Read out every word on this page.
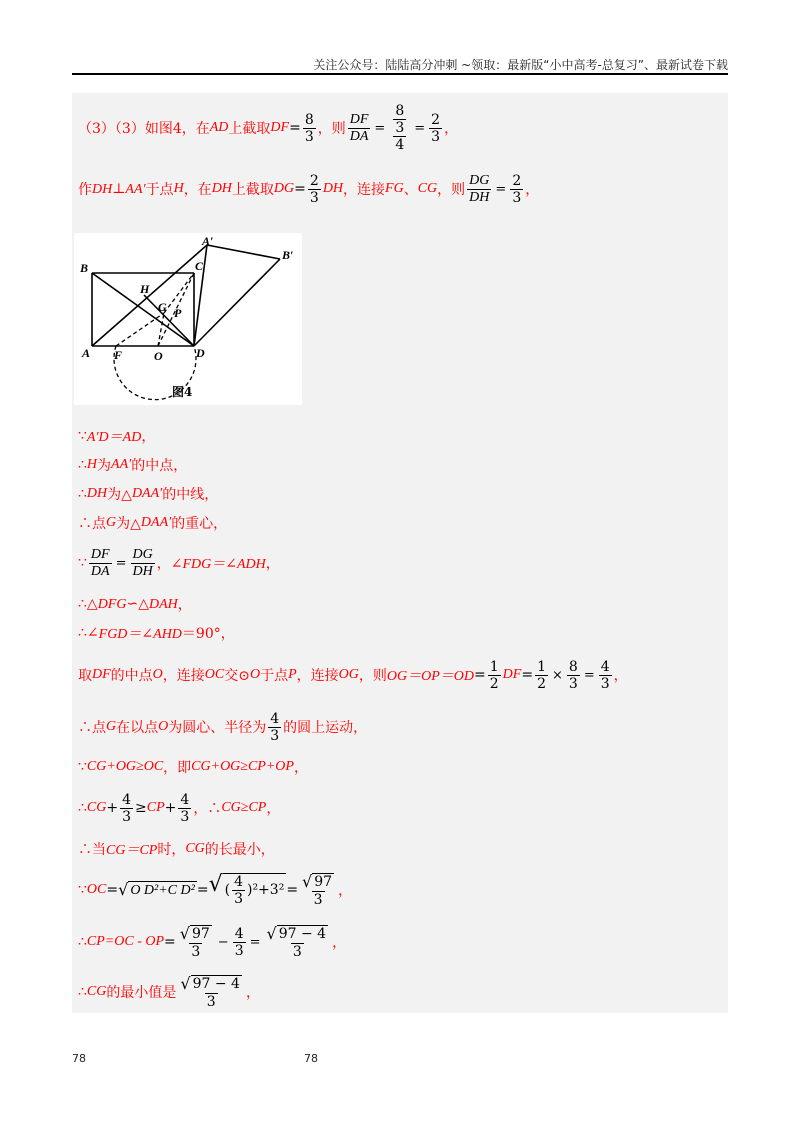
关注公众号：陆陆高分冲刺 ~领取：最新版“小中高考-总复习”、最新试卷下载
（3）（3）如图4，在 AD 上截取 DF = $\frac{8}{3}$ ，则 $\frac{DF}{DA} = \frac{\frac{8}{3}}{4} = \frac{2}{3}$ ，
作 DH⊥AA′ 于点 H ，在 DH 上截取 DG = $\frac{2}{3}$ DH ，连接 FG 、 CG ，则 $\frac{DG}{DH} = \frac{2}{3}$ ，
B	C
A	D
F	O
H
G P
A′
B′
图4
∵ A′D＝AD ，
∴ H 为 AA′ 的中点，
∴ DH 为△ DAA′ 的中线，
∴点 G 为△ DAA′ 的重心，
∵ $\frac{DF}{DA} = \frac{DG}{DH}$ ， ∠FDG＝∠ADH ，
∴△ DFG∽△DAH ，
∴∠ FGD＝∠AHD ＝90° ，
取 DF 的中点 O ，连接 OC 交⊙ O 于点 P ，连接 OG ，则 $OG=OP=OD = \frac{1}{2}$ DF = $\frac{1}{2} \times \frac{8}{3} = \frac{4}{3}$ ，
∴点 G 在以点 O 为圆心、半径为 $\frac{4}{3}$ 的圆上运动，
∵ CG+OG≥OC ，即 CG+OG≥CP+OP ，
∴ CG + $\frac{4}{3}$ ≥ CP + $\frac{4}{3}$ ，∴ CG≥CP ，
∴当 CG＝CP 时， CG 的长最小，
∵ OC = √ O D²+C D² = √ ( $\frac{4}{3} )^2+3^2 = \frac{√ 97}{3}$ ，
∴ CP=OC - OP = $\frac{√ 97}{3} - \frac{4}{3} = \frac{√ 97 - 4}{3}$ ，
∴ CG 的最小值是 $\frac{√ 97 - 4}{3}$ ，
78	78
